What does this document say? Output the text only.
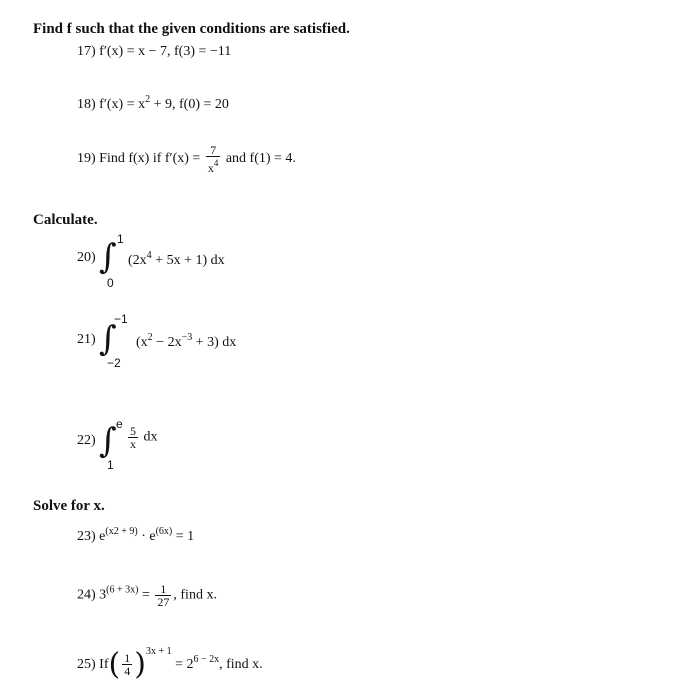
Find f such that the given conditions are satisfied.
17) f′(x) = x − 7, f(3) = −11
18) $f'(x) = x^2 + 9$, f(0) = 20
19) Find f(x) if $f'(x) = \frac{7}{x^4}$ and f(1) = 4.
Calculate.
20) ∫ 1
0
$(2x^4 + 5x + 1)$ dx
21) ∫
−1
−2
$(x^2 - 2x^{-3} + 3)$ dx
22) ∫ e
1
$\frac{5}{x}$ dx
Solve for x.
23) $e^{(x2 + 9)} \cdot e^{(6x)} = 1$
24) $3^{(6 + 3x)} = \frac{1}{27}$ , find x.
25) $If( \frac{1}{4} )^{3x + 1} = 2^{6 - 2x}$, find x.
